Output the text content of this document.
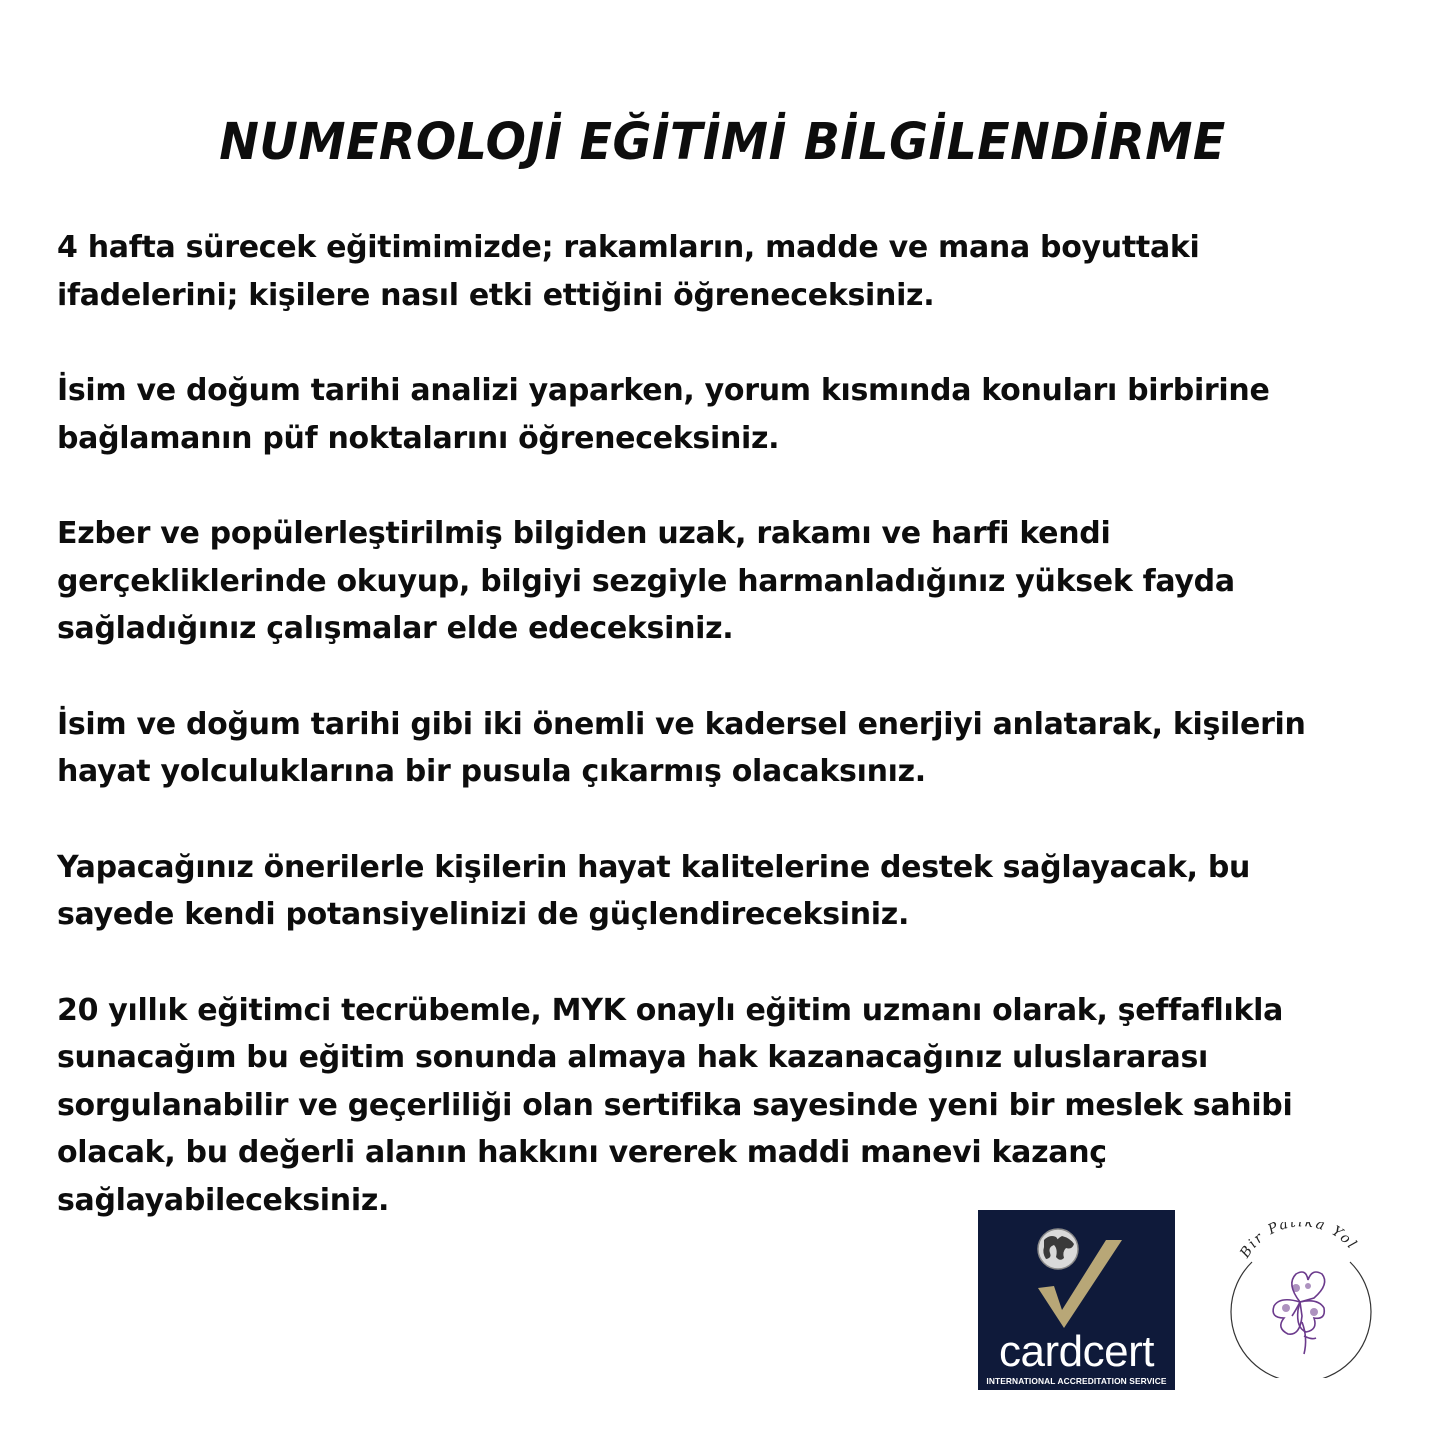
NUMEROLOJİ EĞİTİMİ BİLGİLENDİRME

4 hafta sürecek eğitimimizde; rakamların, madde ve mana boyuttaki
ifadelerini; kişilere nasıl etki ettiğini öğreneceksiniz.

İsim ve doğum tarihi analizi yaparken, yorum kısmında konuları birbirine
bağlamanın püf noktalarını öğreneceksiniz.

Ezber ve popülerleştirilmiş bilgiden uzak, rakamı ve harfi kendi
gerçekliklerinde okuyup, bilgiyi sezgiyle harmanladığınız yüksek fayda
sağladığınız çalışmalar elde edeceksiniz.

İsim ve doğum tarihi gibi iki önemli ve kadersel enerjiyi anlatarak, kişilerin
hayat yolculuklarına bir pusula çıkarmış olacaksınız.

Yapacağınız önerilerle kişilerin hayat kalitelerine destek sağlayacak, bu
sayede kendi potansiyelinizi de güçlendireceksiniz.

20 yıllık eğitimci tecrübemle, MYK onaylı eğitim uzmanı olarak, şeffaflıkla
sunacağım bu eğitim sonunda almaya hak kazanacağınız uluslararası
sorgulanabilir ve geçerliliği olan sertifika sayesinde yeni bir meslek sahibi
olacak, bu değerli alanın hakkını vererek maddi manevi kazanç
sağlayabileceksiniz.

cardcert
INTERNATIONAL ACCREDITATION SERVICE
Bir Patika Yol
